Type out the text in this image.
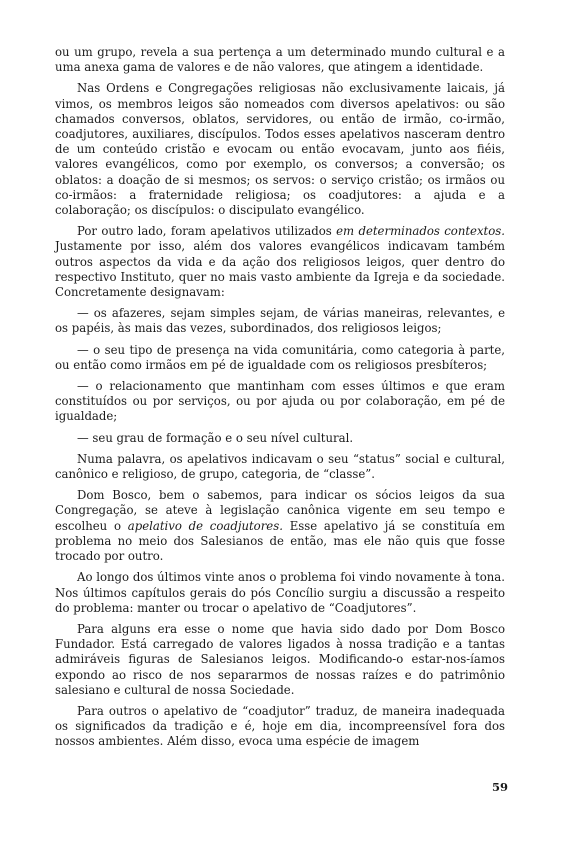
ou um grupo, revela a sua pertença a um determinado mundo cultural e a uma anexa gama de valores e de não valores, que atingem a identidade.

Nas Ordens e Congregações religiosas não exclusivamente laicais, já vimos, os membros leigos são nomeados com diversos apelativos: ou são chamados conversos, oblatos, servidores, ou então de irmão, co-irmão, coadjutores, auxiliares, discípulos. Todos esses apelativos nasceram dentro de um conteúdo cristão e evocam ou então evocavam, junto aos fiéis, valores evangélicos, como por exemplo, os conversos; a conversão; os oblatos: a doação de si mesmos; os servos: o serviço cristão; os irmãos ou co-irmãos: a fraternidade religiosa; os coadjutores: a ajuda e a colaboração; os discípulos: o discipulato evangélico.

Por outro lado, foram apelativos utilizados em determinados contextos. Justamente por isso, além dos valores evangélicos indicavam também outros aspectos da vida e da ação dos religiosos leigos, quer dentro do respectivo Instituto, quer no mais vasto ambiente da Igreja e da sociedade. Concretamente designavam:

— os afazeres, sejam simples sejam, de várias maneiras, relevantes, e os papéis, às mais das vezes, subordinados, dos religiosos leigos;

— o seu tipo de presença na vida comunitária, como categoria à parte, ou então como irmãos em pé de igualdade com os religiosos presbíteros;

— o relacionamento que mantinham com esses últimos e que eram constituídos ou por serviços, ou por ajuda ou por colaboração, em pé de igualdade;

— seu grau de formação e o seu nível cultural.

Numa palavra, os apelativos indicavam o seu “status” social e cultural, canônico e religioso, de grupo, categoria, de “classe”.

Dom Bosco, bem o sabemos, para indicar os sócios leigos da sua Congregação, se ateve à legislação canônica vigente em seu tempo e escolheu o apelativo de coadjutores. Esse apelativo já se constituía em problema no meio dos Salesianos de então, mas ele não quis que fosse trocado por outro.

Ao longo dos últimos vinte anos o problema foi vindo novamente à tona. Nos últimos capítulos gerais do pós Concílio surgiu a discussão a respeito do problema: manter ou trocar o apelativo de “Coadjutores”.

Para alguns era esse o nome que havia sido dado por Dom Bosco Fundador. Está carregado de valores ligados à nossa tradição e a tantas admiráveis figuras de Salesianos leigos. Modificando-o estar-nos-íamos expondo ao risco de nos separarmos de nossas raízes e do patrimônio salesiano e cultural de nossa Sociedade.

Para outros o apelativo de “coadjutor” traduz, de maneira inadequada os significados da tradição e é, hoje em dia, incompreensível fora dos nossos ambientes. Além disso, evoca uma espécie de imagem

59
